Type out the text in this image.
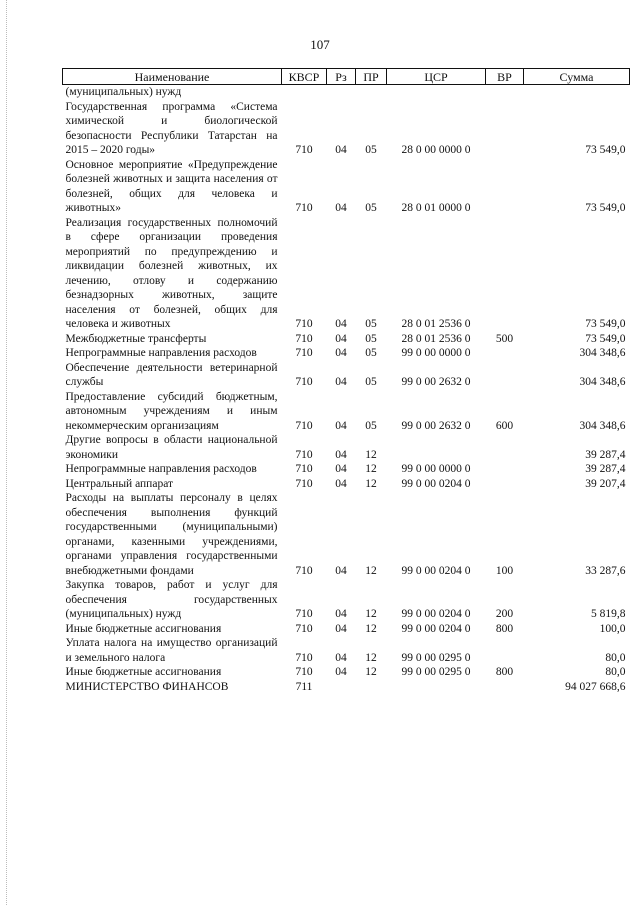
107
Наименование	КВСР	Рз	ПР	ЦСР	ВР	Сумма
(муниципальных) нужд						
Государственная программа «Система химической и биологической безопасности Республики Татарстан на 2015 – 2020 годы»	710	04	05	28 0 00 0000 0		73 549,0
Основное мероприятие «Предупреждение болезней животных и защита населения от болезней, общих для человека и животных»	710	04	05	28 0 01 0000 0		73 549,0
Реализация государственных полномочий в сфере организации проведения мероприятий по предупреждению и ликвидации болезней животных, их лечению, отлову и содержанию безнадзорных животных, защите населения от болезней, общих для человека и животных	710	04	05	28 0 01 2536 0		73 549,0
Межбюджетные трансферты	710	04	05	28 0 01 2536 0	500	73 549,0
Непрограммные направления расходов	710	04	05	99 0 00 0000 0		304 348,6
Обеспечение деятельности ветеринарной службы	710	04	05	99 0 00 2632 0		304 348,6
Предоставление субсидий бюджетным, автономным учреждениям и иным некоммерческим организациям	710	04	05	99 0 00 2632 0	600	304 348,6
Другие вопросы в области национальной экономики	710	04	12			39 287,4
Непрограммные направления расходов	710	04	12	99 0 00 0000 0		39 287,4
Центральный аппарат	710	04	12	99 0 00 0204 0		39 207,4
Расходы на выплаты персоналу в целях обеспечения выполнения функций государственными (муниципальными) органами, казенными учреждениями, органами управления государственными внебюджетными фондами	710	04	12	99 0 00 0204 0	100	33 287,6
Закупка товаров, работ и услуг для обеспечения государственных (муниципальных) нужд	710	04	12	99 0 00 0204 0	200	5 819,8
Иные бюджетные ассигнования	710	04	12	99 0 00 0204 0	800	100,0
Уплата налога на имущество организаций и земельного налога	710	04	12	99 0 00 0295 0		80,0
Иные бюджетные ассигнования	710	04	12	99 0 00 0295 0	800	80,0
МИНИСТЕРСТВО ФИНАНСОВ	711					94 027 668,6
